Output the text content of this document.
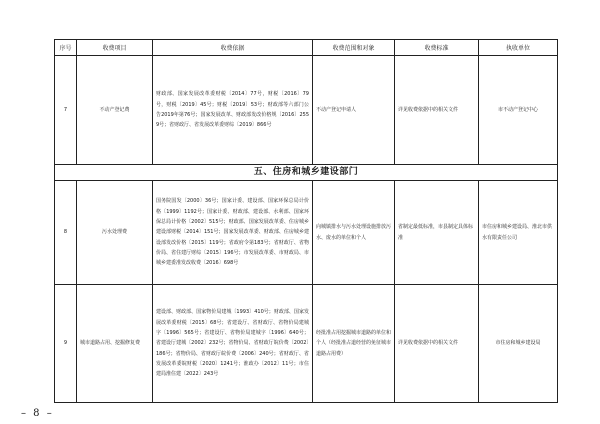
序号	收费项目	收费依据	收费范围和对象	收费标准	执收单位
7	不动产登记费	财政部、国家发展改革委财税〔2014〕77号，财税〔2016〕79号，财税〔2019〕45号；财税〔2019〕53号；财政部等六部门公告2019年第76号；国家发展改革、财政部发改价格规〔2016〕2559号；省财政厅、省发展改革委财综〔2019〕866号	不动产登记申请人	详见收费依据中的相关文件	市不动产登记中心
五、住房和城乡建设部门					
8	污水处理费	国务院国发〔2000〕36号；国家计委、建设部、国家环保总局计价格〔1999〕1192号；国家计委、财政部、建设部、水利部、国家环保总局计价格〔2002〕515号；财政部、国家发展改革委、住房城乡建设部财税〔2014〕151号；国家发展改革委、财政部、住房城乡建设部发改价格〔2015〕119号；省政府令第183号；省财政厅、省物价局、省住建厅财综〔2015〕196号；市发展改革委、市财政局、市城乡建委准发改收费〔2016〕698号	向城镇排水与污水处理设施排放污水、废水的单位和个人	省制定最低标准，市县制定具体标准	市住房和城乡建设局、淮北市供水有限责任公司
9	城市道路占用、挖掘修复费	建设部、财政部、国家物价局建城〔1993〕410号；财政部、国家发展改革委财税〔2015〕68号；省建设厅、省财政厅、省物价局建城字〔1996〕565号；省建设厅、省物价局建城字〔1996〕640号；省建设厅建城〔2002〕232号；省物价局、省财政厅皖价费〔2002〕186号；省物价局、省财政厅皖价费〔2006〕240号；省财政厅、省发展改革委皖财税〔2020〕1241号；淮政办〔2012〕11号；市住建局淮住建〔2022〕243号	经批准占用挖掘城市道路的单位和个人（经批准占道经营的免征城市道路占用费）	详见收费依据中的相关文件	市住房和城乡建设局
– 8 –
